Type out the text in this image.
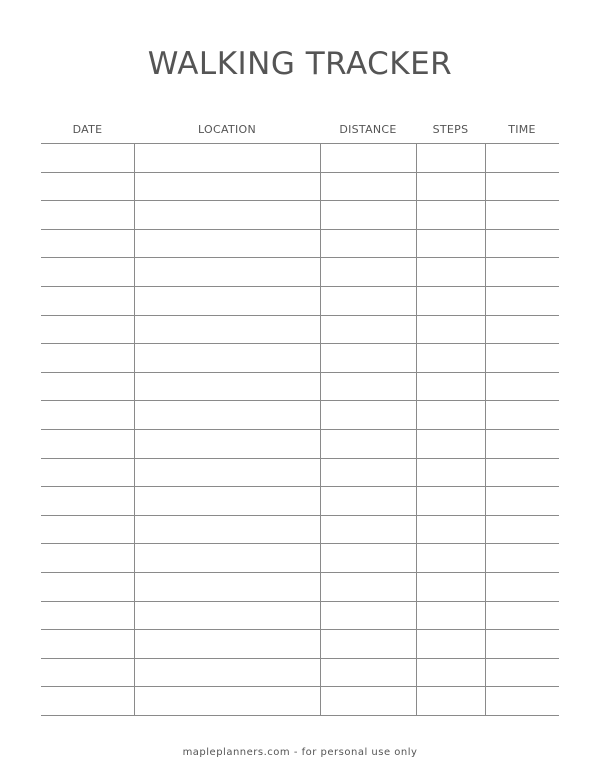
WALKING TRACKER
DATE	LOCATION	DISTANCE	STEPS	TIME

mapleplanners.com - for personal use only
